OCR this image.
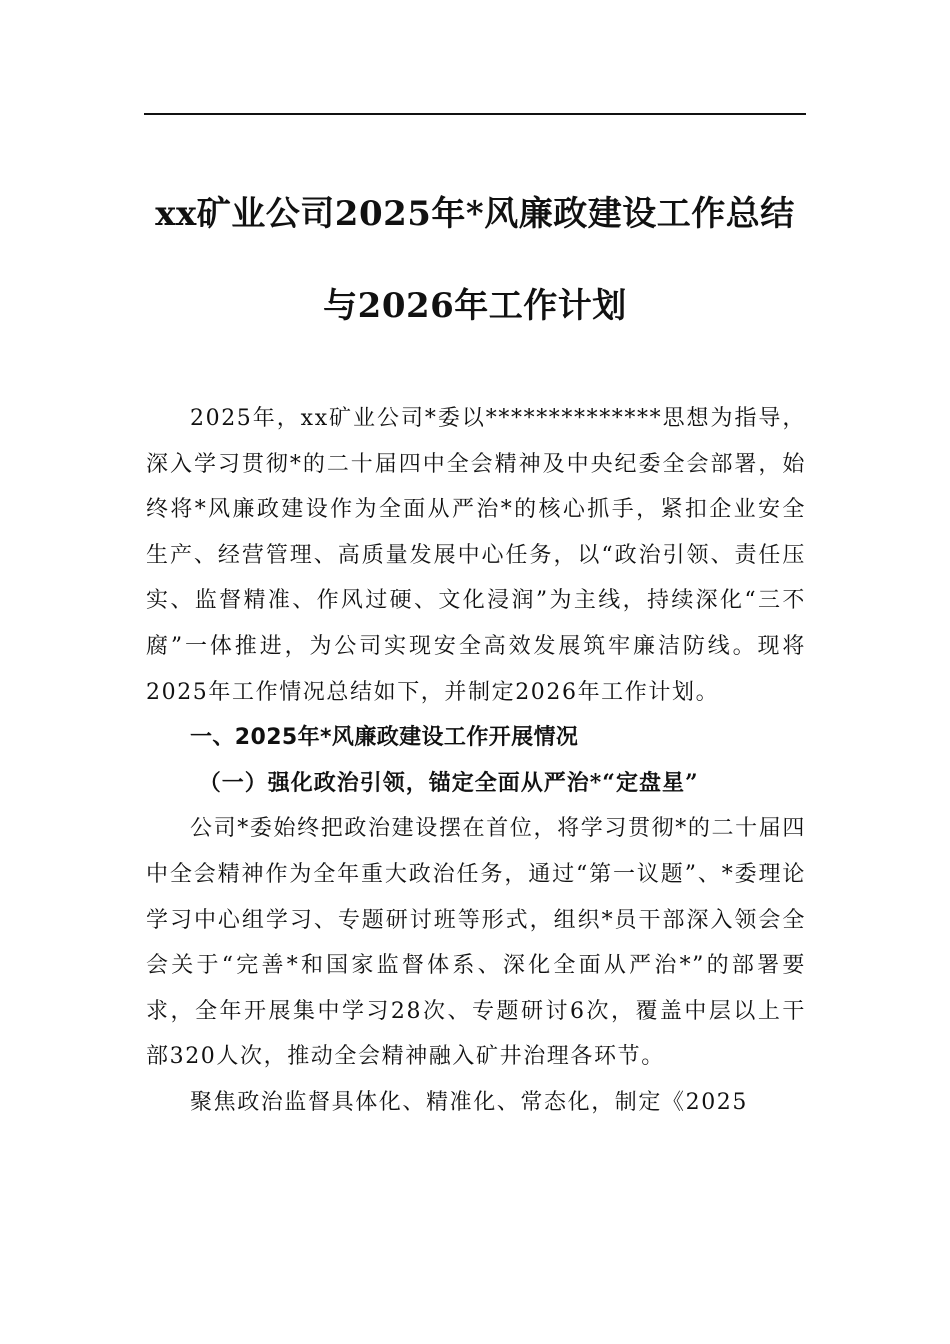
xx矿业公司2025年*风廉政建设工作总结
与2026年工作计划

2025年，xx矿业公司*委以**************思想为指导，深入学习贯彻*的二十届四中全会精神及中央纪委全会部署，始终将*风廉政建设作为全面从严治*的核心抓手，紧扣企业安全生产、经营管理、高质量发展中心任务，以“政治引领、责任压实、监督精准、作风过硬、文化浸润”为主线，持续深化“三不腐”一体推进，为公司实现安全高效发展筑牢廉洁防线。现将2025年工作情况总结如下，并制定2026年工作计划。

一、2025年*风廉政建设工作开展情况

（一）强化政治引领，锚定全面从严治*“定盘星”

公司*委始终把政治建设摆在首位，将学习贯彻*的二十届四中全会精神作为全年重大政治任务，通过“第一议题”、*委理论学习中心组学习、专题研讨班等形式，组织*员干部深入领会全会关于“完善*和国家监督体系、深化全面从严治*”的部署要求，全年开展集中学习28次、专题研讨6次，覆盖中层以上干部320人次，推动全会精神融入矿井治理各环节。

聚焦政治监督具体化、精准化、常态化，制定《2025
